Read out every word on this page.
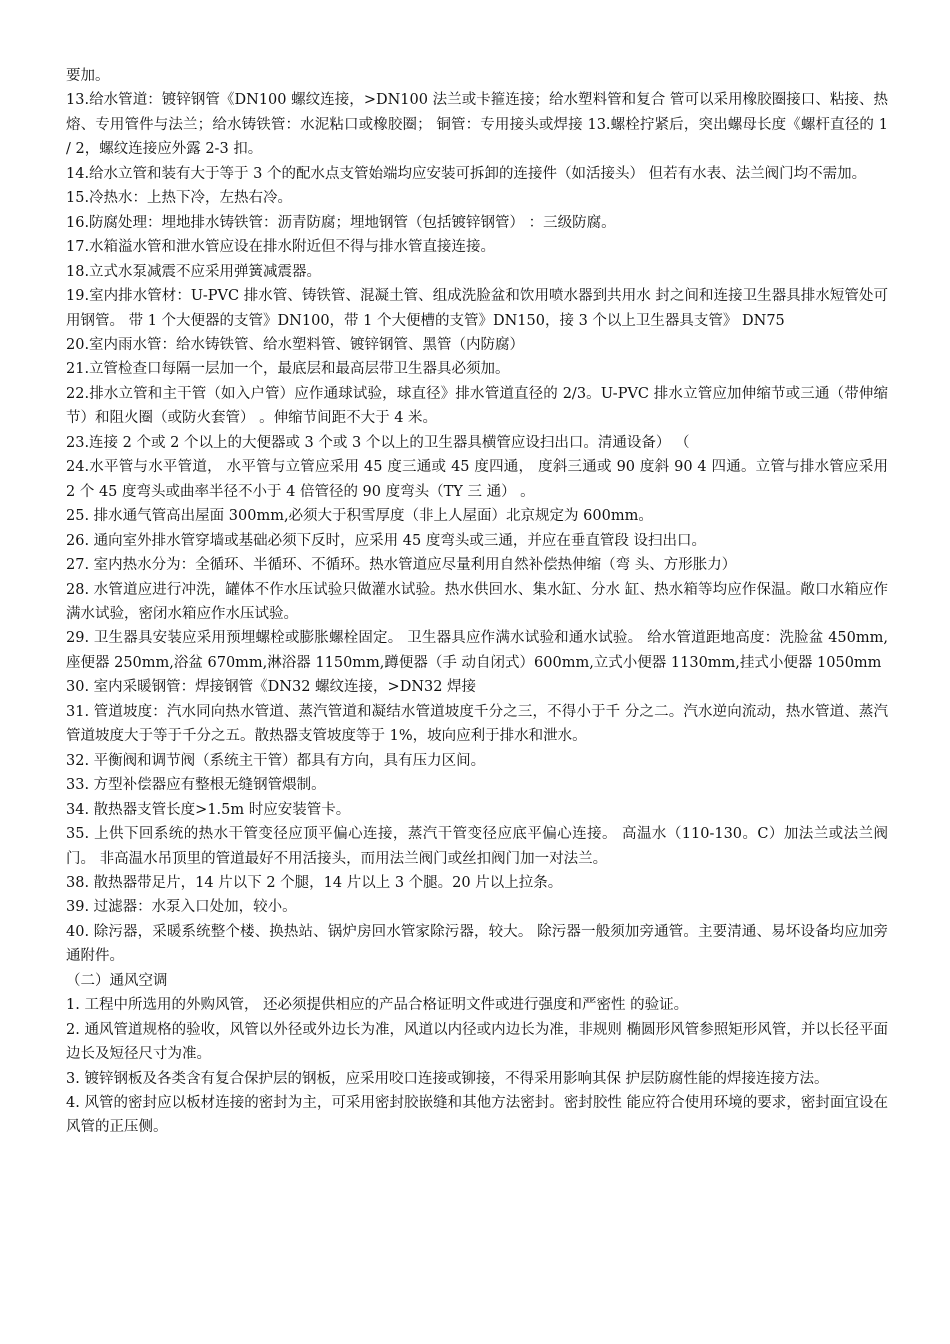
要加。

13.给水管道：镀锌钢管《DN100 螺纹连接，>DN100 法兰或卡箍连接；给水塑料管和复合 管可以采用橡胶圈接口、粘接、热熔、专用管件与法兰；给水铸铁管：水泥粘口或橡胶圈； 铜管：专用接头或焊接 13.螺栓拧紧后，突出螺母长度《螺杆直径的 1 / 2，螺纹连接应外露 2-3 扣。

14.给水立管和装有大于等于 3 个的配水点支管始端均应安装可拆卸的连接件（如活接头） 但若有水表、法兰阀门均不需加。

15.冷热水：上热下冷，左热右冷。

16.防腐处理：埋地排水铸铁管：沥青防腐；埋地钢管（包括镀锌钢管） ：三级防腐。

17.水箱溢水管和泄水管应设在排水附近但不得与排水管直接连接。

18.立式水泵减震不应采用弹簧减震器。

19.室内排水管材：U-PVC 排水管、铸铁管、混凝土管、组成洗脸盆和饮用喷水器到共用水 封之间和连接卫生器具排水短管处可用钢管。 带 1 个大便器的支管》DN100，带 1 个大便槽的支管》DN150，接 3 个以上卫生器具支管》 DN75

20.室内雨水管：给水铸铁管、给水塑料管、镀锌钢管、黑管（内防腐）

21.立管检查口每隔一层加一个，最底层和最高层带卫生器具必须加。

22.排水立管和主干管（如入户管）应作通球试验，球直径》排水管道直径的 2/3。U-PVC 排水立管应加伸缩节或三通（带伸缩节）和阻火圈（或防火套管） 。伸缩节间距不大于 4 米。

23.连接 2 个或 2 个以上的大便器或 3 个或 3 个以上的卫生器具横管应设扫出口。清通设备） （

24.水平管与水平管道， 水平管与立管应采用 45 度三通或 45 度四通， 度斜三通或 90 度斜 90 4 四通。立管与排水管应采用 2 个 45 度弯头或曲率半径不小于 4 倍管径的 90 度弯头（TY 三 通） 。

25. 排水通气管高出屋面 300mm,必须大于积雪厚度（非上人屋面）北京规定为 600mm。

26. 通向室外排水管穿墙或基础必须下反时，应采用 45 度弯头或三通，并应在垂直管段 设扫出口。

27. 室内热水分为：全循环、半循环、不循环。热水管道应尽量利用自然补偿热伸缩（弯 头、方形胀力）

28. 水管道应进行冲洗，罐体不作水压试验只做灌水试验。热水供回水、集水缸、分水 缸、热水箱等均应作保温。敞口水箱应作满水试验，密闭水箱应作水压试验。

29. 卫生器具安装应采用预埋螺栓或膨胀螺栓固定。 卫生器具应作满水试验和通水试验。 给水管道距地高度：洗脸盆 450mm,座便器 250mm,浴盆 670mm,淋浴器 1150mm,蹲便器（手 动自闭式）600mm,立式小便器 1130mm,挂式小便器 1050mm

30. 室内采暖钢管：焊接钢管《DN32 螺纹连接，>DN32 焊接

31. 管道坡度：汽水同向热水管道、蒸汽管道和凝结水管道坡度千分之三，不得小于千 分之二。汽水逆向流动，热水管道、蒸汽管道坡度大于等于千分之五。散热器支管坡度等于 1%，坡向应利于排水和泄水。

32. 平衡阀和调节阀（系统主干管）都具有方向，具有压力区间。

33. 方型补偿器应有整根无缝钢管煨制。

34. 散热器支管长度>1.5m 时应安装管卡。

35. 上供下回系统的热水干管变径应顶平偏心连接，蒸汽干管变径应底平偏心连接。 高温水（110-130。C）加法兰或法兰阀门。 非高温水吊顶里的管道最好不用活接头，而用法兰阀门或丝扣阀门加一对法兰。

38. 散热器带足片，14 片以下 2 个腿，14 片以上 3 个腿。20 片以上拉条。

39. 过滤器：水泵入口处加，较小。

40. 除污器，采暖系统整个楼、换热站、锅炉房回水管家除污器，较大。 除污器一般须加旁通管。主要清通、易坏设备均应加旁通附件。

（二）通风空调

1. 工程中所选用的外购风管， 还必须提供相应的产品合格证明文件或进行强度和严密性 的验证。

2. 通风管道规格的验收，风管以外径或外边长为准，风道以内径或内边长为准，非规则 椭圆形风管参照矩形风管，并以长径平面边长及短径尺寸为准。

3. 镀锌钢板及各类含有复合保护层的钢板，应采用咬口连接或铆接，不得采用影响其保 护层防腐性能的焊接连接方法。

4. 风管的密封应以板材连接的密封为主，可采用密封胶嵌缝和其他方法密封。密封胶性 能应符合使用环境的要求，密封面宜设在风管的正压侧。
